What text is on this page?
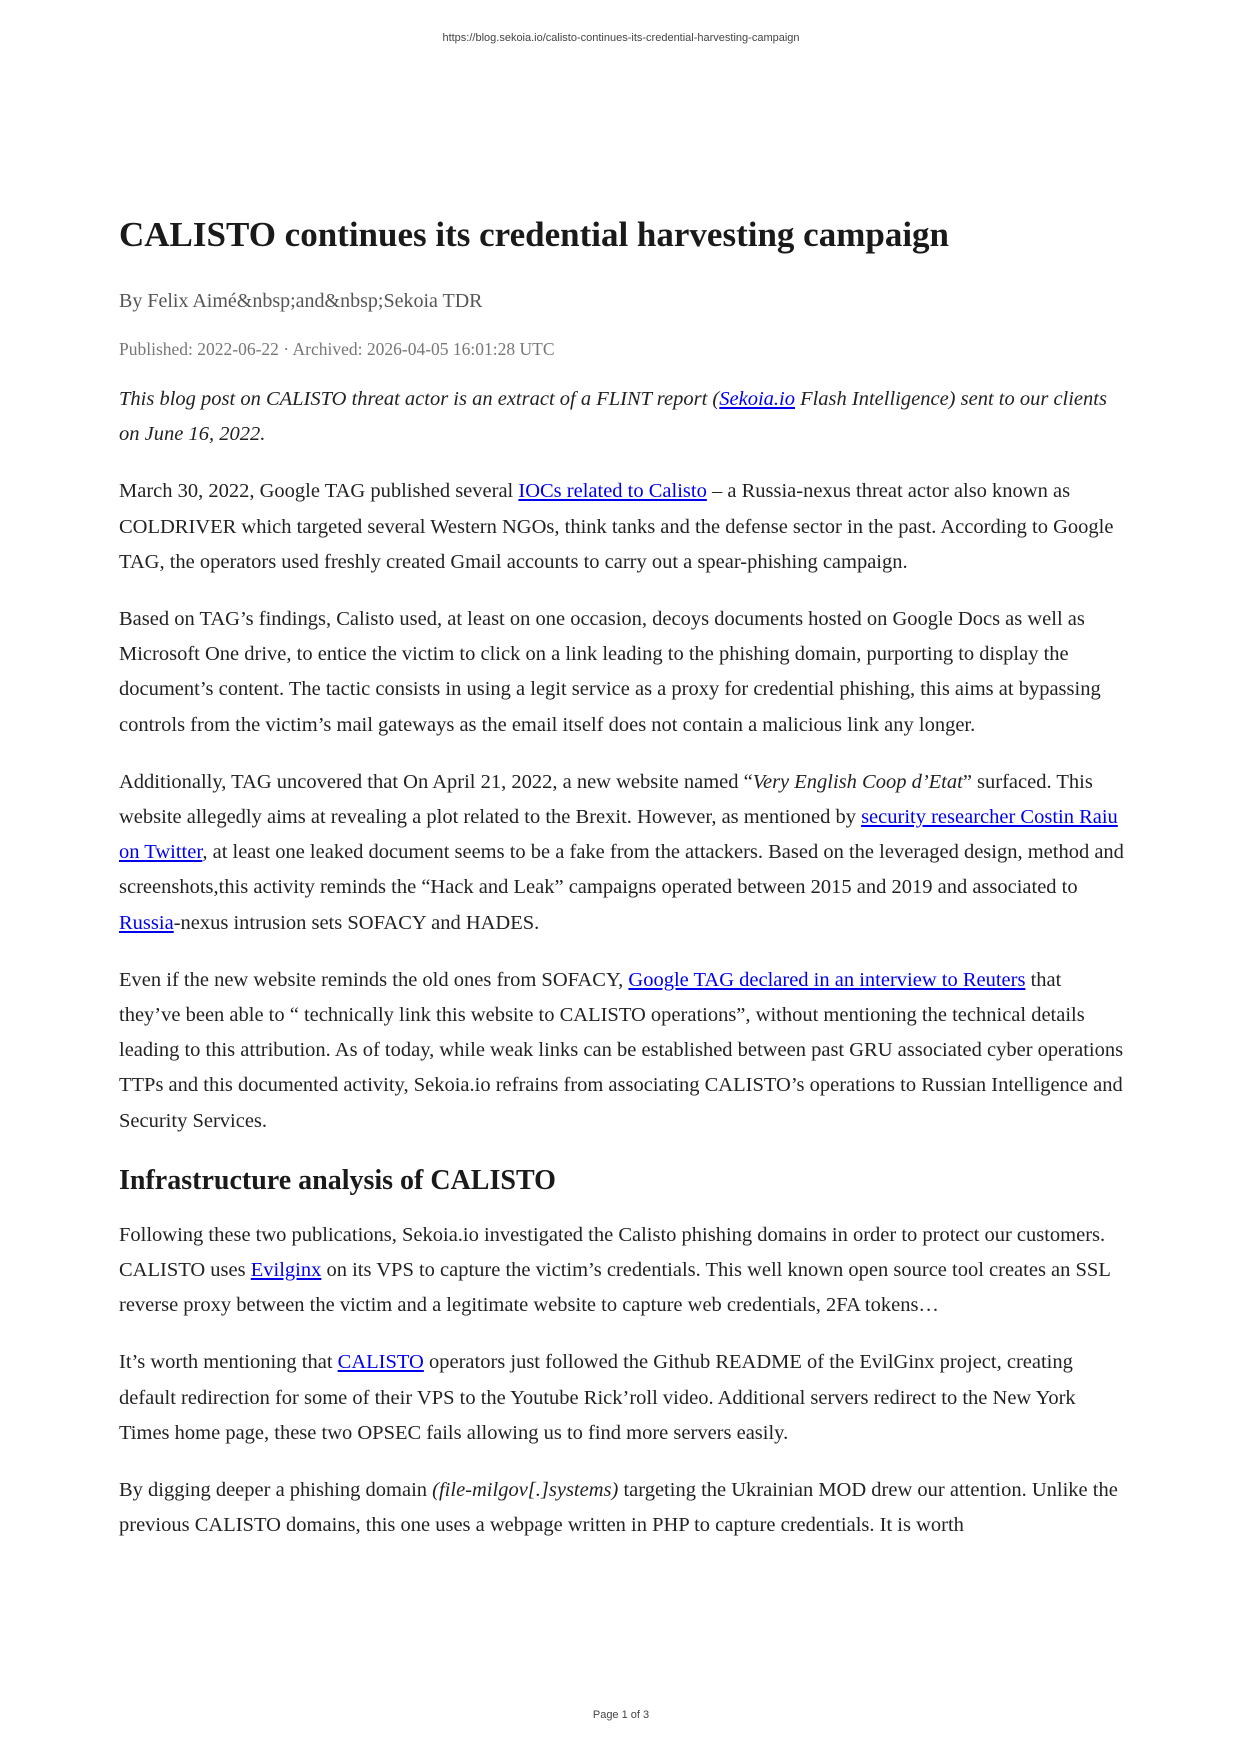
https://blog.sekoia.io/calisto-continues-its-credential-harvesting-campaign
CALISTO continues its credential harvesting campaign
By Felix Aimé&nbsp;and&nbsp;Sekoia TDR
Published: 2022-06-22 · Archived: 2026-04-05 16:01:28 UTC

This blog post on CALISTO threat actor is an extract of a FLINT report (Sekoia.io Flash Intelligence) sent to our clients on June 16, 2022.

March 30, 2022, Google TAG published several IOCs related to Calisto – a Russia-nexus threat actor also known as COLDRIVER which targeted several Western NGOs, think tanks and the defense sector in the past. According to Google TAG, the operators used freshly created Gmail accounts to carry out a spear-phishing campaign.

Based on TAG’s findings, Calisto used, at least on one occasion, decoys documents hosted on Google Docs as well as Microsoft One drive, to entice the victim to click on a link leading to the phishing domain, purporting to display the document’s content. The tactic consists in using a legit service as a proxy for credential phishing, this aims at bypassing controls from the victim’s mail gateways as the email itself does not contain a malicious link any longer.

Additionally, TAG uncovered that On April 21, 2022, a new website named “Very English Coop d’Etat” surfaced. This website allegedly aims at revealing a plot related to the Brexit. However, as mentioned by security researcher Costin Raiu on Twitter, at least one leaked document seems to be a fake from the attackers. Based on the leveraged design, method and screenshots,this activity reminds the “Hack and Leak” campaigns operated between 2015 and 2019 and associated to Russia-nexus intrusion sets SOFACY and HADES.

Even if the new website reminds the old ones from SOFACY, Google TAG declared in an interview to Reuters that they’ve been able to “ technically link this website to CALISTO operations”, without mentioning the technical details leading to this attribution. As of today, while weak links can be established between past GRU associated cyber operations TTPs and this documented activity, Sekoia.io refrains from associating CALISTO’s operations to Russian Intelligence and Security Services.

Infrastructure analysis of CALISTO

Following these two publications, Sekoia.io investigated the Calisto phishing domains in order to protect our customers. CALISTO uses Evilginx on its VPS to capture the victim’s credentials. This well known open source tool creates an SSL reverse proxy between the victim and a legitimate website to capture web credentials, 2FA tokens…

It’s worth mentioning that CALISTO operators just followed the Github README of the EvilGinx project, creating default redirection for some of their VPS to the Youtube Rick’roll video. Additional servers redirect to the New York Times home page, these two OPSEC fails allowing us to find more servers easily.

By digging deeper a phishing domain (file-milgov[.]systems) targeting the Ukrainian MOD drew our attention. Unlike the previous CALISTO domains, this one uses a webpage written in PHP to capture credentials. It is worth

Page 1 of 3
